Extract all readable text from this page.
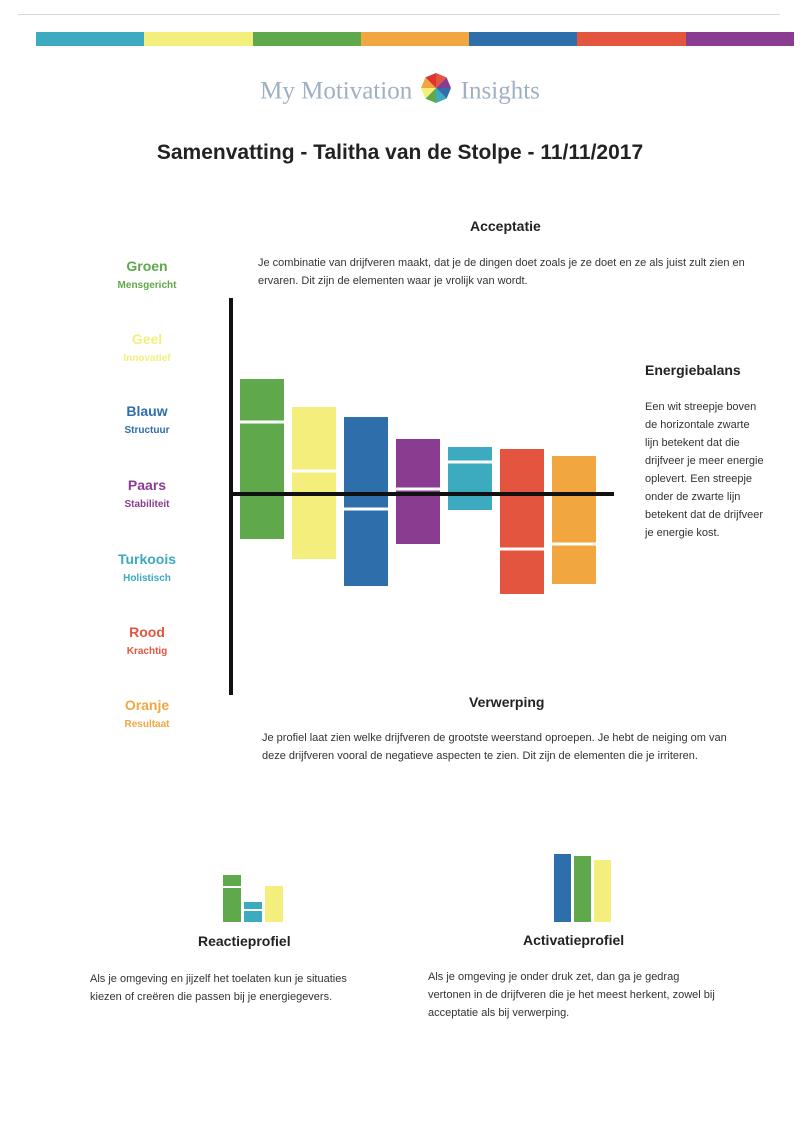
My Motivation Insights
Samenvatting - Talitha van de Stolpe - 11/11/2017
Acceptatie
Je combinatie van drijfveren maakt, dat je de dingen doet zoals je ze doet en ze als juist zult zien en ervaren. Dit zijn de elementen waar je vrolijk van wordt.
Energiebalans
Een wit streepje boven de horizontale zwarte lijn betekent dat die drijfveer je meer energie oplevert. Een streepje onder de zwarte lijn betekent dat de drijfveer je energie kost.
Verwerping
Je profiel laat zien welke drijfveren de grootste weerstand oproepen. Je hebt de neiging om van deze drijfveren vooral de negatieve aspecten te zien. Dit zijn de elementen die je irriteren.
Reactieprofiel
Als je omgeving en jijzelf het toelaten kun je situaties kiezen of creëren die passen bij je energiegevers.
Activatieprofiel
Als je omgeving je onder druk zet, dan ga je gedrag vertonen in de drijfveren die je het meest herkent, zowel bij acceptatie als bij verwerping.
Groen
Mensgericht
Geel
Innovatief
Blauw
Structuur
Paars
Stabiliteit
Turkoois
Holistisch
Rood
Krachtig
Oranje
Resultaat
